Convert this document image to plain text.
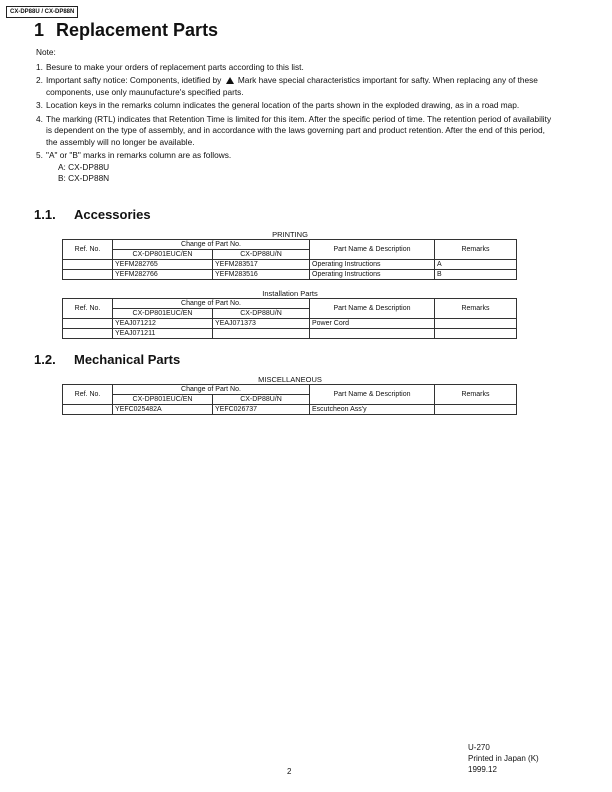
CX-DP88U / CX-DP88N
1 Replacement Parts
Note:
1. Besure to make your orders of replacement parts according to this list.
2. Important safty notice: Components, idetified by Mark have special characteristics important for safty. When replacing any of these components, use only maunufacture's specified parts.
3. Location keys in the remarks column indicates the general location of the parts shown in the exploded drawing, as in a road map.
4. The marking (RTL) indicates that Retention Time is limited for this item. After the specific period of time. The retention period of availability is dependent on the type of assembly, and in accordance with the laws governing part and product retention. After the end of this period, the assembly will no longer be available.
5. "A" or "B" marks in remarks column are as follows.
A: CX-DP88U
B: CX-DP88N
1.1. Accessories
PRINTING
Ref. No.	Change of Part No.		Part Name & Description	Remarks
	CX-DP801EUC/EN	CX-DP88U/N		
	YEFM282765	YEFM283517	Operating Instructions	A
	YEFM282766	YEFM283516	Operating Instructions	B
Installation Parts
Ref. No.	Change of Part No.		Part Name & Description	Remarks
	CX-DP801EUC/EN	CX-DP88U/N		
	YEAJ071212	YEAJ071373	Power Cord	
	YEAJ071211			
1.2. Mechanical Parts
MISCELLANEOUS
Ref. No.	Change of Part No.		Part Name & Description	Remarks
	CX-DP801EUC/EN	CX-DP88U/N		
	YEFC025482A	YEFC026737	Escutcheon Ass'y	
2
U-270
Printed in Japan (K)
1999.12
